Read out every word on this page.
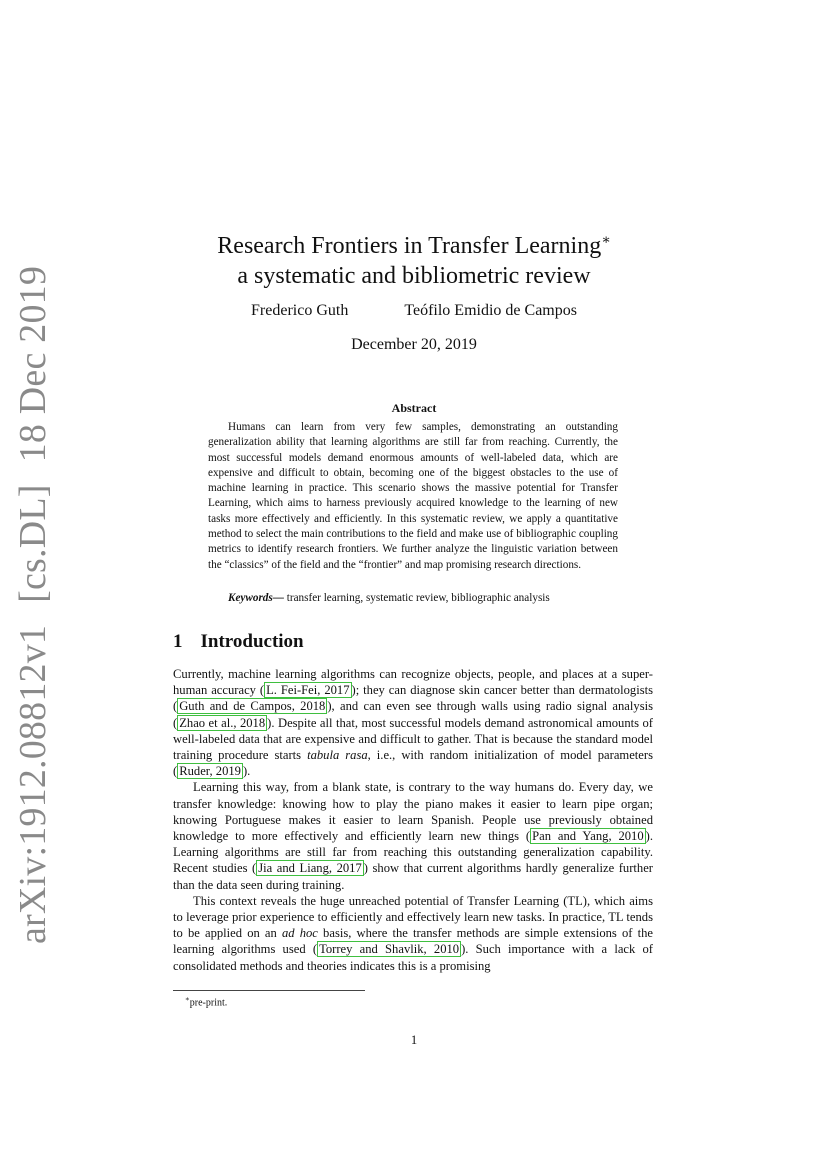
arXiv:1912.08812v1
[cs.DL]
18 Dec 2019
Research Frontiers in Transfer Learning∗
a systematic and bibliometric review
Frederico Guth	Teófilo Emidio de Campos
December 20, 2019
Abstract
Humans can learn from very few samples, demonstrating an outstanding generalization ability that learning algorithms are still far from reaching. Currently, the most successful models demand enormous amounts of well-labeled data, which are expensive and difficult to obtain, becoming one of the biggest obstacles to the use of machine learning in practice. This scenario shows the massive potential for Transfer Learning, which aims to harness previously acquired knowledge to the learning of new tasks more effectively and efficiently. In this systematic review, we apply a quantitative method to select the main contributions to the field and make use of bibliographic coupling metrics to identify research frontiers. We further analyze the linguistic variation between the “classics” of the field and the “frontier” and map promising research directions.
Keywords— transfer learning, systematic review, bibliographic analysis
1 Introduction

Currently, machine learning algorithms can recognize objects, people, and places at a super-human accuracy ( L. Fei-Fei, 2017 ); they can diagnose skin cancer better than dermatologists ( Guth and de Campos, 2018 ), and can even see through walls using radio signal analysis ( Zhao et al., 2018 ). Despite all that, most successful models demand astronomical amounts of well-labeled data that are expensive and difficult to gather. That is because the standard model training procedure starts tabula rasa, i.e., with random initialization of model parameters ( Ruder, 2019 ).

Learning this way, from a blank state, is contrary to the way humans do. Every day, we transfer knowledge: knowing how to play the piano makes it easier to learn pipe organ; knowing Portuguese makes it easier to learn Spanish. People use previously obtained knowledge to more effectively and efficiently learn new things ( Pan and Yang, 2010 ). Learning algorithms are still far from reaching this outstanding generalization capability. Recent studies ( Jia and Liang, 2017 ) show that current algorithms hardly generalize further than the data seen during training.

This context reveals the huge unreached potential of Transfer Learning (TL), which aims to leverage prior experience to efficiently and effectively learn new tasks. In practice, TL tends to be applied on an ad hoc basis, where the transfer methods are simple extensions of the learning algorithms used ( Torrey and Shavlik, 2010 ). Such importance with a lack of consolidated methods and theories indicates this is a promising

∗pre-print.
1
